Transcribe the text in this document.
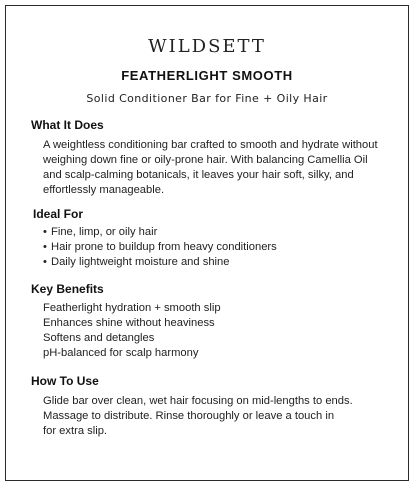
WILDSETT
FEATHERLIGHT SMOOTH
Solid Conditioner Bar for Fine + Oily Hair
What It Does
A weightless conditioning bar crafted to smooth and hydrate without
weighing down fine or oily-prone hair. With balancing Camellia Oil
and scalp-calming botanicals, it leaves your hair soft, silky, and
effortlessly manageable.
Ideal For
• Fine, limp, or oily hair
• Hair prone to buildup from heavy conditioners
• Daily lightweight moisture and shine
Key Benefits
Featherlight hydration + smooth slip
Enhances shine without heaviness
Softens and detangles
pH-balanced for scalp harmony
How To Use
Glide bar over clean, wet hair focusing on mid-lengths to ends.
Massage to distribute. Rinse thoroughly or leave a touch in
for extra slip.
